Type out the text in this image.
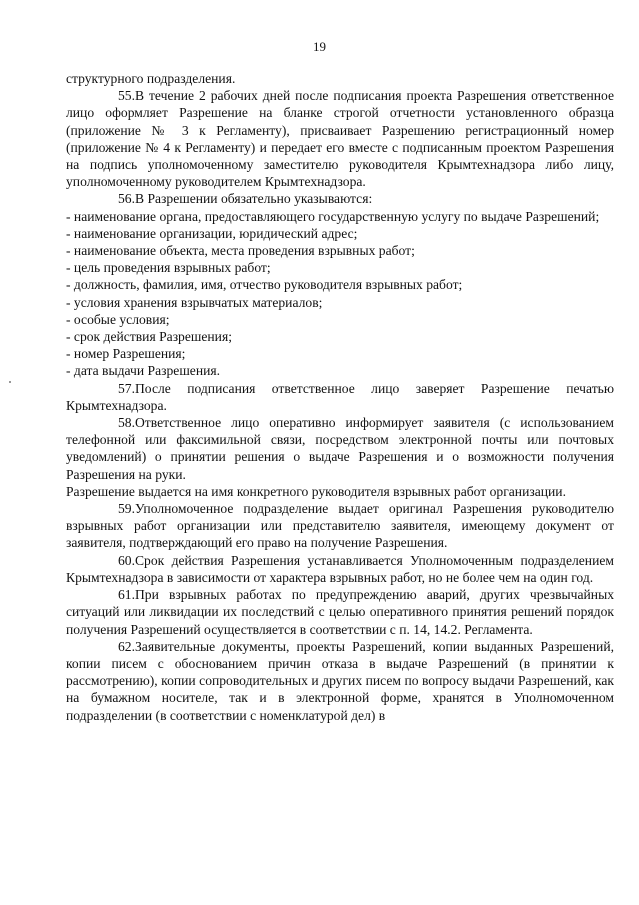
19

структурного подразделения.

55.В течение 2 рабочих дней после подписания проекта Разрешения ответственное лицо оформляет Разрешение на бланке строгой отчетности установленного образца (приложение № 3 к Регламенту), присваивает Разрешению регистрационный номер (приложение № 4 к Регламенту) и передает его вместе с подписанным проектом Разрешения на подпись уполномоченному заместителю руководителя Крымтехнадзора либо лицу, уполномоченному руководителем Крымтехнадзора.

56.В Разрешении обязательно указываются:

- наименование органа, предоставляющего государственную услугу по выдаче Разрешений;

- наименование организации, юридический адрес;

- наименование объекта, места проведения взрывных работ;

- цель проведения взрывных работ;

- должность, фамилия, имя, отчество руководителя взрывных работ;

- условия хранения взрывчатых материалов;

- особые условия;

- срок действия Разрешения;

- номер Разрешения;

- дата выдачи Разрешения.

57.После подписания ответственное лицо заверяет Разрешение печатью Крымтехнадзора.

58.Ответственное лицо оперативно информирует заявителя (с использованием телефонной или факсимильной связи, посредством электронной почты или почтовых уведомлений) о принятии решения о выдаче Разрешения и о возможности получения Разрешения на руки.

Разрешение выдается на имя конкретного руководителя взрывных работ организации.

59.Уполномоченное подразделение выдает оригинал Разрешения руководителю взрывных работ организации или представителю заявителя, имеющему документ от заявителя, подтверждающий его право на получение Разрешения.

60.Срок действия Разрешения устанавливается Уполномоченным подразделением Крымтехнадзора в зависимости от характера взрывных работ, но не более чем на один год.

61.При взрывных работах по предупреждению аварий, других чрезвычайных ситуаций или ликвидации их последствий с целью оперативного принятия решений порядок получения Разрешений осуществляется в соответствии с п. 14, 14.2. Регламента.

62.Заявительные документы, проекты Разрешений, копии выданных Разрешений, копии писем с обоснованием причин отказа в выдаче Разрешений (в принятии к рассмотрению), копии сопроводительных и других писем по вопросу выдачи Разрешений, как на бумажном носителе, так и в электронной форме, хранятся в Уполномоченном подразделении (в соответствии с номенклатурой дел) в
